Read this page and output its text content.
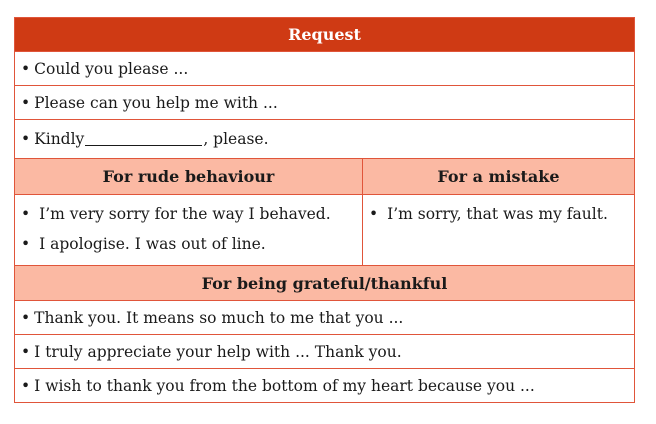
Request
• Could you please ...
• Please can you help me with ...
• Kindly	, please.
For rude behaviour	For a mistake
• I’m very sorry for the way I behaved.
• I apologise. I was out of line.
• I’m sorry, that was my fault.
For being grateful/thankful
• Thank you. It means so much to me that you ...
• I truly appreciate your help with ... Thank you.
• I wish to thank you from the bottom of my heart because you ...
